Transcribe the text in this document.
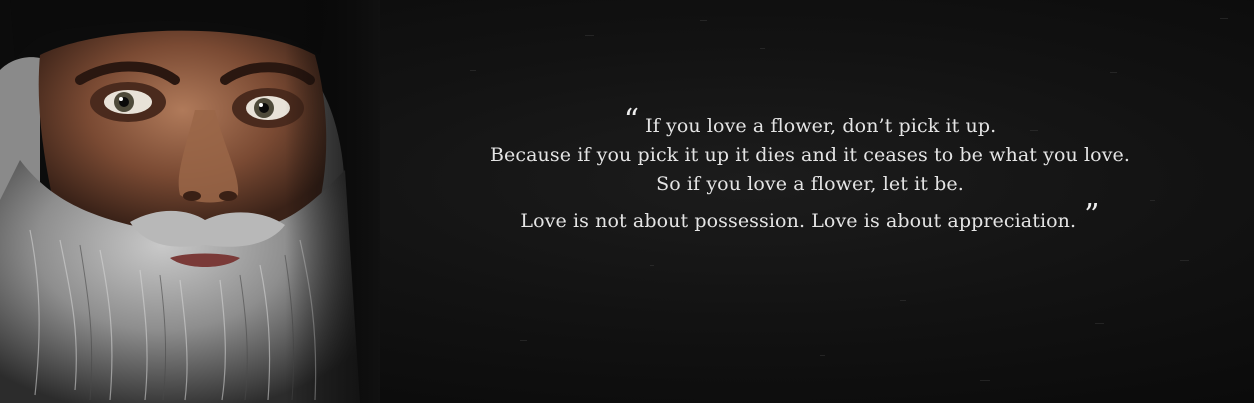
“ If you love a flower, don’t pick it up.
Because if you pick it up it dies and it ceases to be what you love.
So if you love a flower, let it be.
Love is not about possession. Love is about appreciation. ”
